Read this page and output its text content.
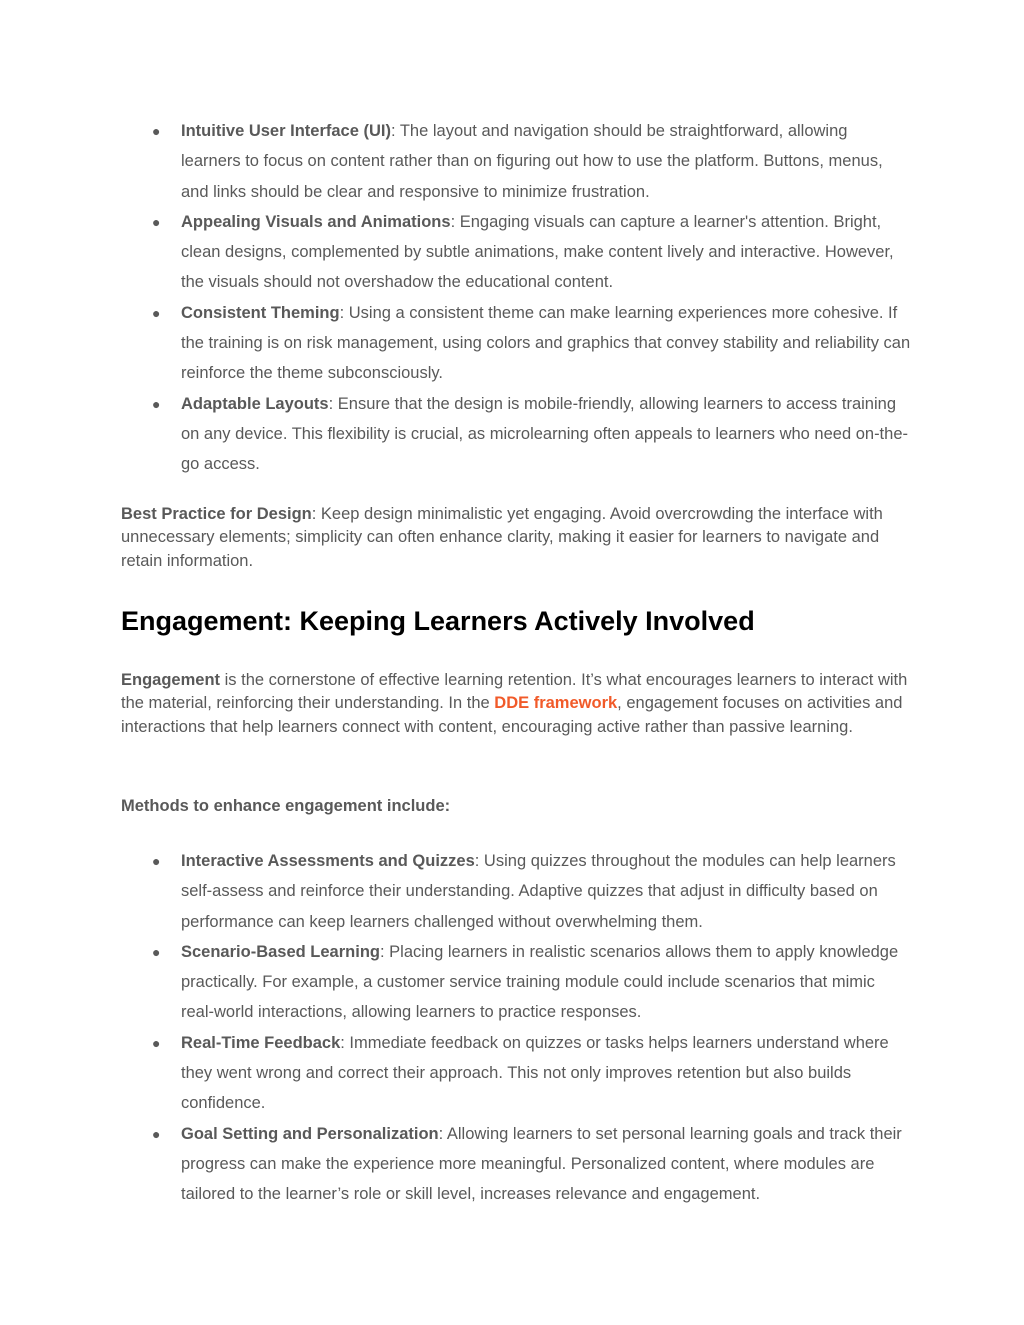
● Intuitive User Interface (UI): The layout and navigation should be straightforward, allowing learners to focus on content rather than on figuring out how to use the platform. Buttons, menus, and links should be clear and responsive to minimize frustration.
● Appealing Visuals and Animations: Engaging visuals can capture a learner's attention. Bright, clean designs, complemented by subtle animations, make content lively and interactive. However, the visuals should not overshadow the educational content.
● Consistent Theming: Using a consistent theme can make learning experiences more cohesive. If the training is on risk management, using colors and graphics that convey stability and reliability can reinforce the theme subconsciously.
● Adaptable Layouts: Ensure that the design is mobile-friendly, allowing learners to access training on any device. This flexibility is crucial, as microlearning often appeals to learners who need on-the-go access.

Best Practice for Design: Keep design minimalistic yet engaging. Avoid overcrowding the interface with unnecessary elements; simplicity can often enhance clarity, making it easier for learners to navigate and retain information.

Engagement: Keeping Learners Actively Involved

Engagement is the cornerstone of effective learning retention. It’s what encourages learners to interact with the material, reinforcing their understanding. In the DDE framework, engagement focuses on activities and interactions that help learners connect with content, encouraging active rather than passive learning.

Methods to enhance engagement include:

● Interactive Assessments and Quizzes: Using quizzes throughout the modules can help learners self-assess and reinforce their understanding. Adaptive quizzes that adjust in difficulty based on performance can keep learners challenged without overwhelming them.
● Scenario-Based Learning: Placing learners in realistic scenarios allows them to apply knowledge practically. For example, a customer service training module could include scenarios that mimic real-world interactions, allowing learners to practice responses.
● Real-Time Feedback: Immediate feedback on quizzes or tasks helps learners understand where they went wrong and correct their approach. This not only improves retention but also builds confidence.
● Goal Setting and Personalization: Allowing learners to set personal learning goals and track their progress can make the experience more meaningful. Personalized content, where modules are tailored to the learner’s role or skill level, increases relevance and engagement.
